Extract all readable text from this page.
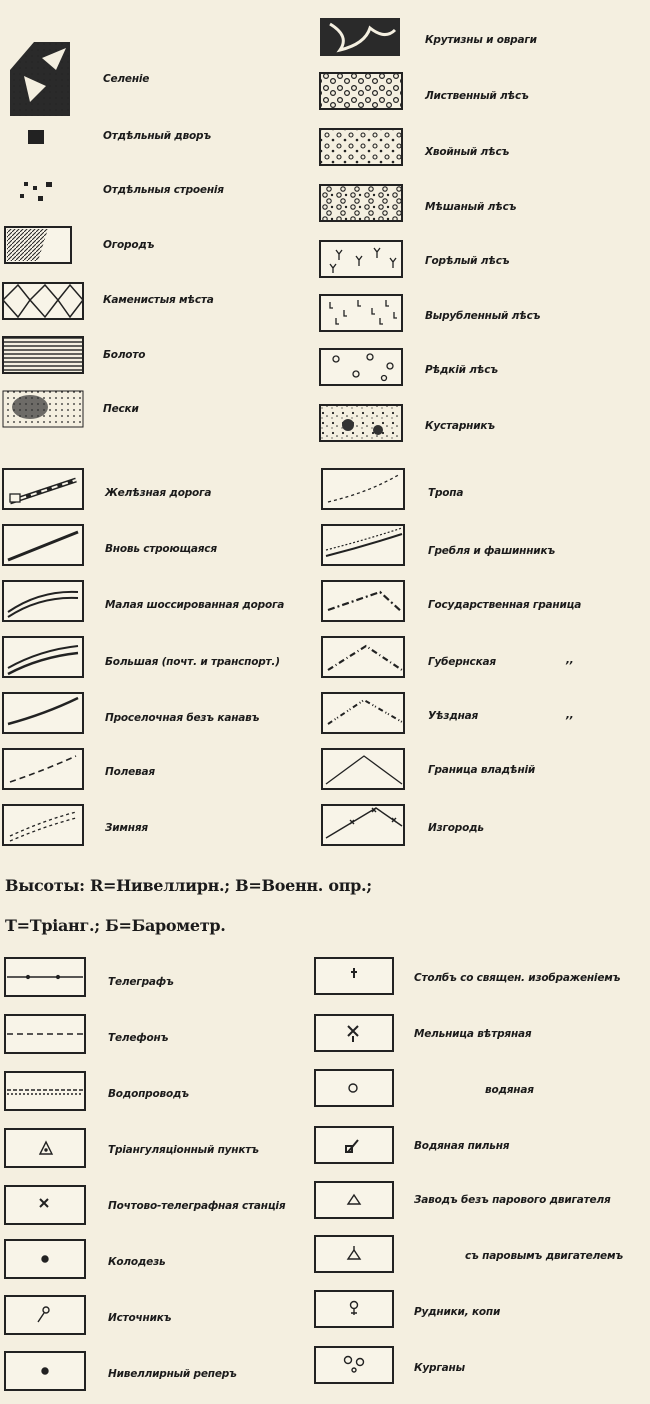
Селеніе
Отдѣльный дворъ
Отдѣльныя строенія
Огородъ
Каменистыя мѣста
Болото
Пески
Крутизны и овраги
Лиственный лѣсъ
Хвойный лѣсъ
Мѣшаный лѣсъ
Горѣлый лѣсъ
Вырубленный лѣсъ
Рѣдкій лѣсъ
Кустарникъ
Желѣзная дорога
Вновь строющаяся
Малая шоссированная дорога
Большая (почт. и транспорт.)
Проселочная безъ канавъ
Полевая
Зимняя
Тропа
Гребля и фашинникъ
Государственная граница
Губернская	,,
Уѣздная	,,
Граница владѣній
Изгородь
Высоты: R=Нивеллирн.; В=Военн. опр.;
T=Тріанг.; Б=Барометр.
Телеграфъ
Телефонъ
Водопроводъ
Тріангуляціонный пунктъ
Почтово-телеграфная станція
Колодезь
Источникъ
Нивеллирный реперъ
Столбъ со священ. изображеніемъ
Мельница вѣтряная
водяная
Водяная пильня
Заводъ безъ парового двигателя
съ паровымъ двигателемъ
Рудники, копи
Курганы
